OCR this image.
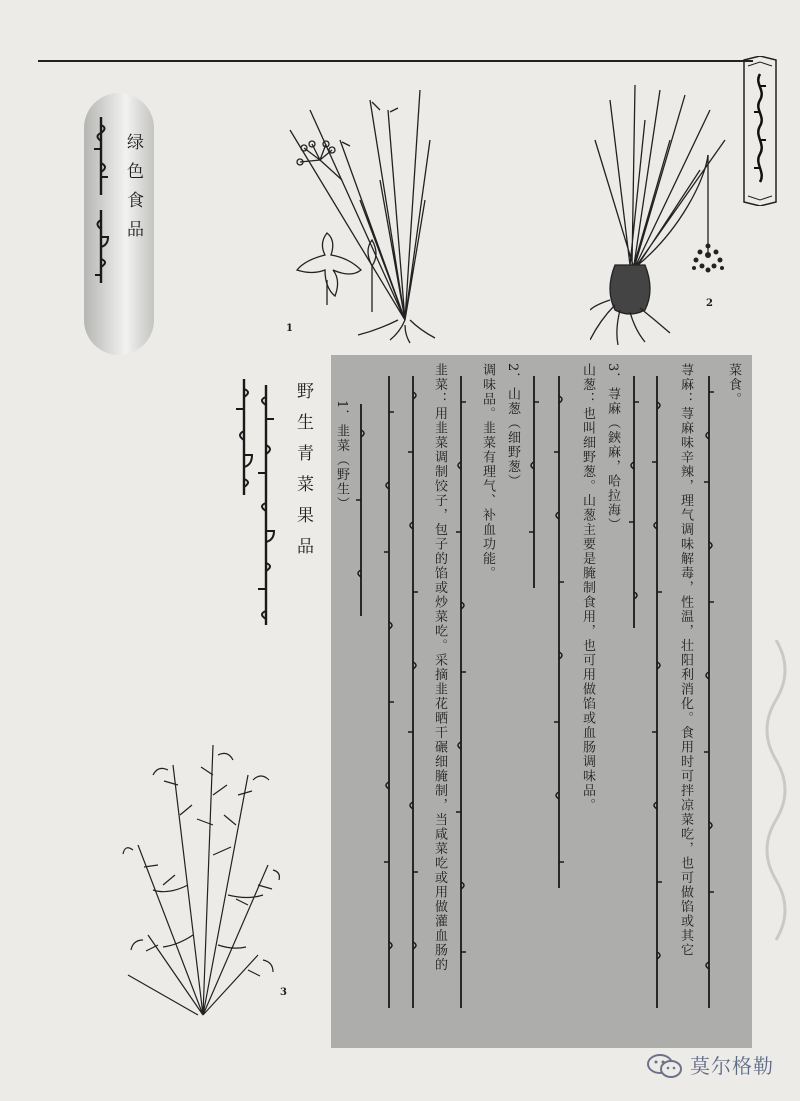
绿色食品
野生青菜果品
1
2
3
菜食。
荨麻：荨麻味辛辣，理气调味解毒，性温，壮阳利消化。食用时可拌凉菜吃，也可做馅或其它
3．荨麻（鋏麻，哈拉海）
山葱：也叫细野葱。山葱主要是腌制食用，也可用做馅或血肠调味品。
2．山葱（细野葱）
调味品。韭菜有理气、补血功能。
韭菜：用韭菜调制饺子，包子的馅或炒菜吃。采摘韭花晒干碾细腌制，当咸菜吃或用做灌血肠的
1．韭菜（野生）
莫尔格勒
